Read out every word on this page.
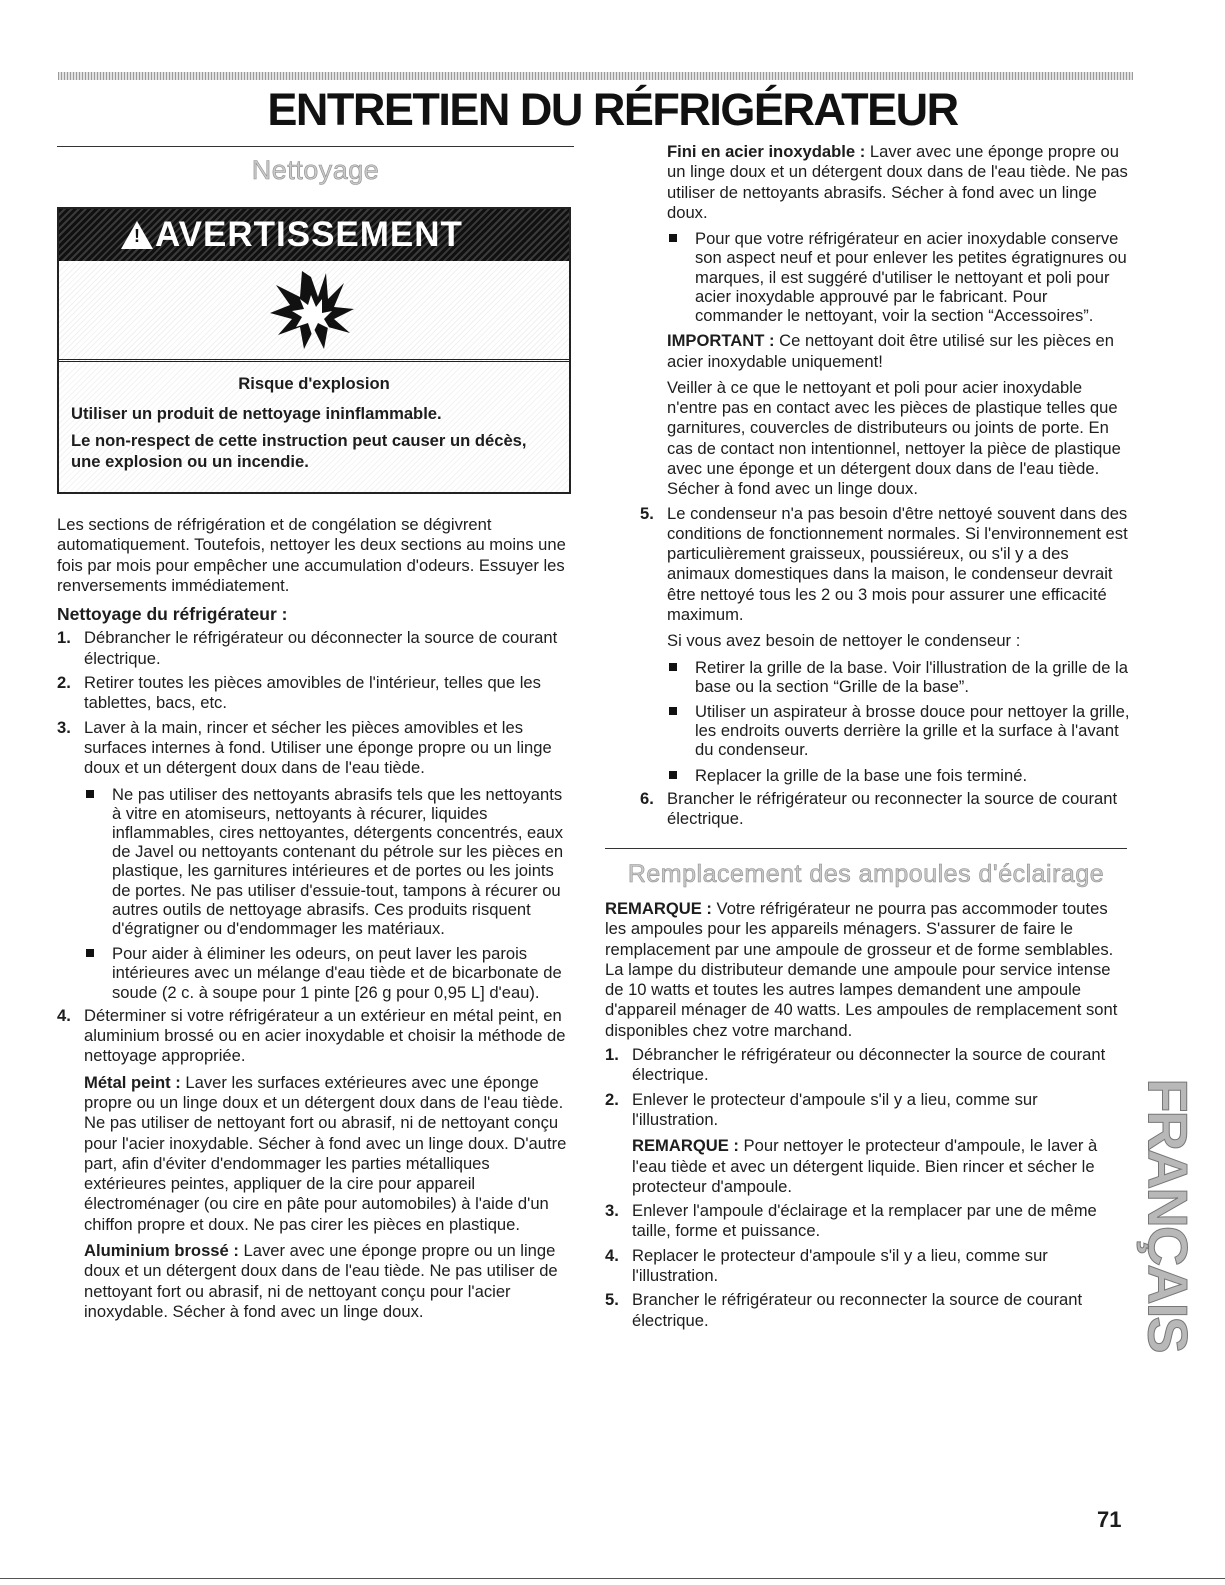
ENTRETIEN DU RÉFRIGÉRATEUR
Nettoyage
!
AVERTISSEMENT

Risque d'explosion

Utiliser un produit de nettoyage ininflammable.

Le non-respect de cette instruction peut causer un décès, une explosion ou un incendie.

Les sections de réfrigération et de congélation se dégivrent automatiquement. Toutefois, nettoyer les deux sections au moins une fois par mois pour empêcher une accumulation d'odeurs. Essuyer les renversements immédiatement.

Nettoyage du réfrigérateur :

1. Débrancher le réfrigérateur ou déconnecter la source de courant électrique.
2. Retirer toutes les pièces amovibles de l'intérieur, telles que les tablettes, bacs, etc.
3. Laver à la main, rincer et sécher les pièces amovibles et les surfaces internes à fond. Utiliser une éponge propre ou un linge doux et un détergent doux dans de l'eau tiède.
Ne pas utiliser des nettoyants abrasifs tels que les nettoyants à vitre en atomiseurs, nettoyants à récurer, liquides inflammables, cires nettoyantes, détergents concentrés, eaux de Javel ou nettoyants contenant du pétrole sur les pièces en plastique, les garnitures intérieures et de portes ou les joints de portes. Ne pas utiliser d'essuie-tout, tampons à récurer ou autres outils de nettoyage abrasifs. Ces produits risquent d'égratigner ou d'endommager les matériaux.
Pour aider à éliminer les odeurs, on peut laver les parois intérieures avec un mélange d'eau tiède et de bicarbonate de soude (2 c. à soupe pour 1 pinte [26 g pour 0,95 L] d'eau).
4. Déterminer si votre réfrigérateur a un extérieur en métal peint, en aluminium brossé ou en acier inoxydable et choisir la méthode de nettoyage appropriée.

Métal peint : Laver les surfaces extérieures avec une éponge propre ou un linge doux et un détergent doux dans de l'eau tiède. Ne pas utiliser de nettoyant fort ou abrasif, ni de nettoyant conçu pour l'acier inoxydable. Sécher à fond avec un linge doux. D'autre part, afin d'éviter d'endommager les parties métalliques extérieures peintes, appliquer de la cire pour appareil électroménager (ou cire en pâte pour automobiles) à l'aide d'un chiffon propre et doux. Ne pas cirer les pièces en plastique.

Aluminium brossé : Laver avec une éponge propre ou un linge doux et un détergent doux dans de l'eau tiède. Ne pas utiliser de nettoyant fort ou abrasif, ni de nettoyant conçu pour l'acier inoxydable. Sécher à fond avec un linge doux.

Fini en acier inoxydable : Laver avec une éponge propre ou un linge doux et un détergent doux dans de l'eau tiède. Ne pas utiliser de nettoyants abrasifs. Sécher à fond avec un linge doux.

Pour que votre réfrigérateur en acier inoxydable conserve son aspect neuf et pour enlever les petites égratignures ou marques, il est suggéré d'utiliser le nettoyant et poli pour acier inoxydable approuvé par le fabricant. Pour commander le nettoyant, voir la section “Accessoires”.

IMPORTANT : Ce nettoyant doit être utilisé sur les pièces en acier inoxydable uniquement!

Veiller à ce que le nettoyant et poli pour acier inoxydable n'entre pas en contact avec les pièces de plastique telles que garnitures, couvercles de distributeurs ou joints de porte. En cas de contact non intentionnel, nettoyer la pièce de plastique avec une éponge et un détergent doux dans de l'eau tiède. Sécher à fond avec un linge doux.

5. Le condenseur n'a pas besoin d'être nettoyé souvent dans des conditions de fonctionnement normales. Si l'environnement est particulièrement graisseux, poussiéreux, ou s'il y a des animaux domestiques dans la maison, le condenseur devrait être nettoyé tous les 2 ou 3 mois pour assurer une efficacité maximum.

Si vous avez besoin de nettoyer le condenseur :

Retirer la grille de la base. Voir l'illustration de la grille de la base ou la section “Grille de la base”.
Utiliser un aspirateur à brosse douce pour nettoyer la grille, les endroits ouverts derrière la grille et la surface à l'avant du condenseur.
Replacer la grille de la base une fois terminé.
6. Brancher le réfrigérateur ou reconnecter la source de courant électrique.
Remplacement des ampoules d'éclairage

REMARQUE : Votre réfrigérateur ne pourra pas accommoder toutes les ampoules pour les appareils ménagers. S'assurer de faire le remplacement par une ampoule de grosseur et de forme semblables. La lampe du distributeur demande une ampoule pour service intense de 10 watts et toutes les autres lampes demandent une ampoule d'appareil ménager de 40 watts. Les ampoules de remplacement sont disponibles chez votre marchand.

1. Débrancher le réfrigérateur ou déconnecter la source de courant électrique.
2. Enlever le protecteur d'ampoule s'il y a lieu, comme sur l'illustration.

REMARQUE : Pour nettoyer le protecteur d'ampoule, le laver à l'eau tiède et avec un détergent liquide. Bien rincer et sécher le protecteur d'ampoule.

3. Enlever l'ampoule d'éclairage et la remplacer par une de même taille, forme et puissance.
4. Replacer le protecteur d'ampoule s'il y a lieu, comme sur l'illustration.
5. Brancher le réfrigérateur ou reconnecter la source de courant électrique.	FRANÇAIS
71
